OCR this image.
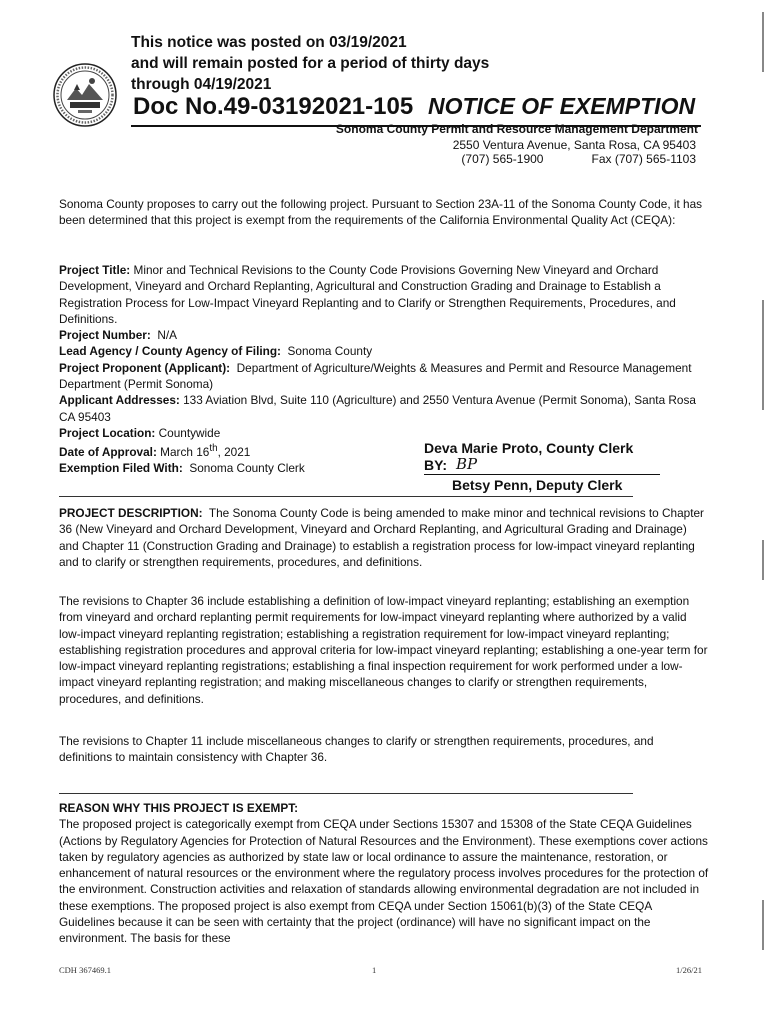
This notice was posted on 03/19/2021
and will remain posted for a period of thirty days
through 04/19/2021
Doc No.49-03192021-105 NOTICE OF EXEMPTION
Sonoma County Permit and Resource Management Department
2550 Ventura Avenue, Santa Rosa, CA 95403
(707) 565-1900	Fax (707) 565-1103
Sonoma County proposes to carry out the following project. Pursuant to Section 23A-11 of the Sonoma County Code, it has been determined that this project is exempt from the requirements of the California Environmental Quality Act (CEQA):
Project Title: Minor and Technical Revisions to the County Code Provisions Governing New Vineyard and Orchard Development, Vineyard and Orchard Replanting, Agricultural and Construction Grading and Drainage to Establish a Registration Process for Low-Impact Vineyard Replanting and to Clarify or Strengthen Requirements, Procedures, and Definitions.
Project Number: N/A
Lead Agency / County Agency of Filing: Sonoma County
Project Proponent (Applicant): Department of Agriculture/Weights & Measures and Permit and Resource Management Department (Permit Sonoma)
Applicant Addresses: 133 Aviation Blvd, Suite 110 (Agriculture) and 2550 Ventura Avenue (Permit Sonoma), Santa Rosa CA 95403
Project Location: Countywide
Date of Approval: March 16th, 2021
Exemption Filed With: Sonoma County Clerk
Deva Marie Proto, County Clerk
BY: BP
Betsy Penn, Deputy Clerk
PROJECT DESCRIPTION: The Sonoma County Code is being amended to make minor and technical revisions to Chapter 36 (New Vineyard and Orchard Development, Vineyard and Orchard Replanting, and Agricultural Grading and Drainage) and Chapter 11 (Construction Grading and Drainage) to establish a registration process for low-impact vineyard replanting and to clarify or strengthen requirements, procedures, and definitions.
The revisions to Chapter 36 include establishing a definition of low-impact vineyard replanting; establishing an exemption from vineyard and orchard replanting permit requirements for low-impact vineyard replanting where authorized by a valid low-impact vineyard replanting registration; establishing a registration requirement for low-impact vineyard replanting; establishing registration procedures and approval criteria for low-impact vineyard replanting; establishing a one-year term for low-impact vineyard replanting registrations; establishing a final inspection requirement for work performed under a low-impact vineyard replanting registration; and making miscellaneous changes to clarify or strengthen requirements, procedures, and definitions.
The revisions to Chapter 11 include miscellaneous changes to clarify or strengthen requirements, procedures, and definitions to maintain consistency with Chapter 36.
REASON WHY THIS PROJECT IS EXEMPT:
The proposed project is categorically exempt from CEQA under Sections 15307 and 15308 of the State CEQA Guidelines (Actions by Regulatory Agencies for Protection of Natural Resources and the Environment). These exemptions cover actions taken by regulatory agencies as authorized by state law or local ordinance to assure the maintenance, restoration, or enhancement of natural resources or the environment where the regulatory process involves procedures for the protection of the environment. Construction activities and relaxation of standards allowing environmental degradation are not included in these exemptions. The proposed project is also exempt from CEQA under Section 15061(b)(3) of the State CEQA Guidelines because it can be seen with certainty that the project (ordinance) will have no significant impact on the environment. The basis for these
CDH 367469.1	1	1/26/21
